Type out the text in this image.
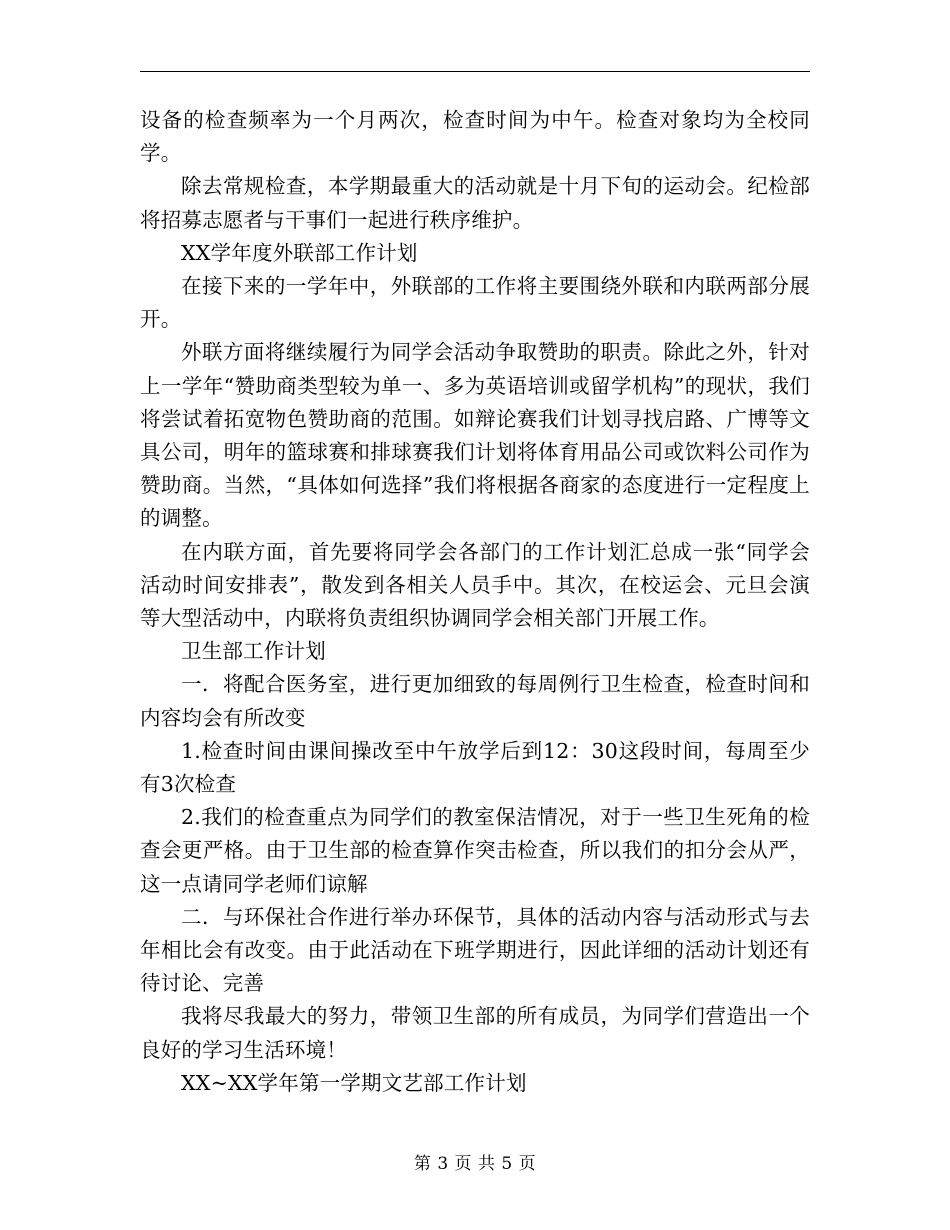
设备的检查频率为一个月两次，检查时间为中午。检查对象均为全校同学。

除去常规检查，本学期最重大的活动就是十月下旬的运动会。纪检部将招募志愿者与干事们一起进行秩序维护。

XX学年度外联部工作计划

在接下来的一学年中，外联部的工作将主要围绕外联和内联两部分展开。

外联方面将继续履行为同学会活动争取赞助的职责。除此之外，针对上一学年“赞助商类型较为单一、多为英语培训或留学机构”的现状，我们将尝试着拓宽物色赞助商的范围。如辩论赛我们计划寻找启路、广博等文具公司，明年的篮球赛和排球赛我们计划将体育用品公司或饮料公司作为赞助商。当然，“具体如何选择”我们将根据各商家的态度进行一定程度上的调整。

在内联方面，首先要将同学会各部门的工作计划汇总成一张“同学会活动时间安排表”，散发到各相关人员手中。其次，在校运会、元旦会演等大型活动中，内联将负责组织协调同学会相关部门开展工作。

卫生部工作计划

一．将配合医务室，进行更加细致的每周例行卫生检查，检查时间和内容均会有所改变

1.检查时间由课间操改至中午放学后到12：30这段时间，每周至少有3次检查

2.我们的检查重点为同学们的教室保洁情况，对于一些卫生死角的检查会更严格。由于卫生部的检查算作突击检查，所以我们的扣分会从严，这一点请同学老师们谅解

二．与环保社合作进行举办环保节，具体的活动内容与活动形式与去年相比会有改变。由于此活动在下班学期进行，因此详细的活动计划还有待讨论、完善

我将尽我最大的努力，带领卫生部的所有成员，为同学们营造出一个良好的学习生活环境！

XX~XX学年第一学期文艺部工作计划

第 3 页 共 5 页
